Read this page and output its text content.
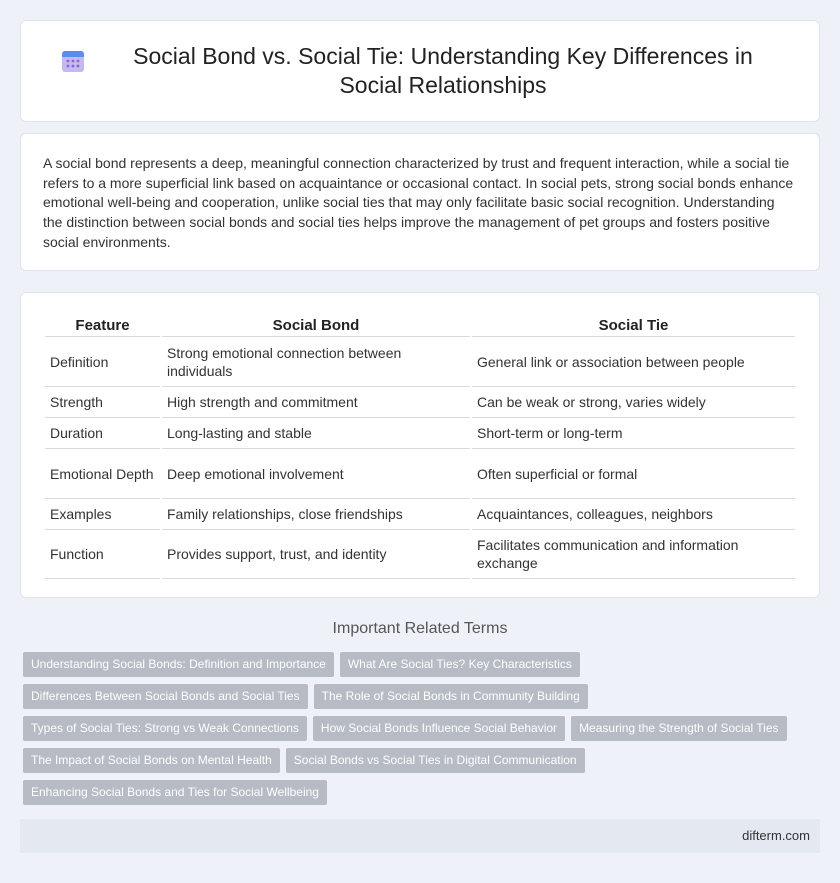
Social Bond vs. Social Tie: Understanding Key Differences in Social Relationships

A social bond represents a deep, meaningful connection characterized by trust and frequent interaction, while a social tie refers to a more superficial link based on acquaintance or occasional contact. In social pets, strong social bonds enhance emotional well-being and cooperation, unlike social ties that may only facilitate basic social recognition. Understanding the distinction between social bonds and social ties helps improve the management of pet groups and fosters positive social environments.

Feature	Social Bond	Social Tie
Definition	Strong emotional connection between individuals	General link or association between people
Strength	High strength and commitment	Can be weak or strong, varies widely
Duration	Long-lasting and stable	Short-term or long-term
Emotional Depth	Deep emotional involvement	Often superficial or formal
Examples	Family relationships, close friendships	Acquaintances, colleagues, neighbors
Function	Provides support, trust, and identity	Facilitates communication and information exchange
Important Related Terms
Understanding Social Bonds: Definition and Importance	What Are Social Ties? Key Characteristics
Differences Between Social Bonds and Social Ties	The Role of Social Bonds in Community Building
Types of Social Ties: Strong vs Weak Connections	How Social Bonds Influence Social Behavior	Measuring the Strength of Social Ties
The Impact of Social Bonds on Mental Health	Social Bonds vs Social Ties in Digital Communication
Enhancing Social Bonds and Ties for Social Wellbeing
difterm.com
